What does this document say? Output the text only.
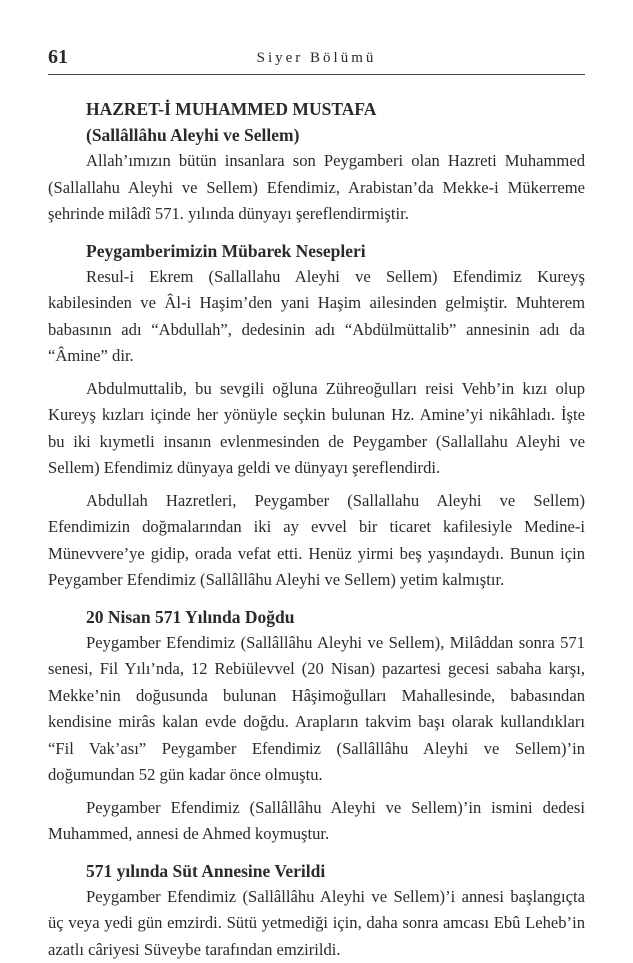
61	Siyer Bölümü
HAZRET-İ MUHAMMED MUSTAFA
(Sallâllâhu Aleyhi ve Sellem)

Allah’ımızın bütün insanlara son Peygamberi olan Hazreti Muhammed (Sallallahu Aleyhi ve Sellem) Efendimiz, Arabistan’da Mekke-i Mükerreme şehrinde milâdî 571. yılında dünyayı şereflendirmiştir.

Peygamberimizin Mübarek Nesepleri

Resul-i Ekrem (Sallallahu Aleyhi ve Sellem) Efendimiz Kureyş kabilesinden ve Âl-i Haşim’den yani Haşim ailesinden gelmiştir. Muhterem babasının adı “Abdullah”, dedesinin adı “Abdülmüttalib” annesinin adı da “Âmine” dir.

Abdulmuttalib, bu sevgili oğluna Zühreoğulları reisi Vehb’in kızı olup Kureyş kızları içinde her yönüyle seçkin bulunan Hz. Amine’yi nikâhladı. İşte bu iki kıymetli insanın evlenmesinden de Peygamber (Sallallahu Aleyhi ve Sellem) Efendimiz dünyaya geldi ve dünyayı şereflendirdi.

Abdullah Hazretleri, Peygamber (Sallallahu Aleyhi ve Sellem) Efendimizin doğmalarından iki ay evvel bir ticaret kafilesiyle Medine-i Münevvere’ye gidip, orada vefat etti. Henüz yirmi beş yaşındaydı. Bunun için Peygamber Efendimiz (Sallâllâhu Aleyhi ve Sellem) yetim kalmıştır.

20 Nisan 571 Yılında Doğdu

Peygamber Efendimiz (Sallâllâhu Aleyhi ve Sellem), Milâddan sonra 571 senesi, Fil Yılı’nda, 12 Rebiülevvel (20 Nisan) pazartesi gecesi sabaha karşı, Mekke’nin doğusunda bulunan Hâşimoğulları Mahallesinde, babasından kendisine mirâs kalan evde doğdu. Arapların takvim başı olarak kullandıkları “Fil Vak’ası” Peygamber Efendimiz (Sallâllâhu Aleyhi ve Sellem)’in doğumundan 52 gün kadar önce olmuştu.

Peygamber Efendimiz (Sallâllâhu Aleyhi ve Sellem)’in ismini dedesi Muhammed, annesi de Ahmed koymuştur.

571 yılında Süt Annesine Verildi

Peygamber Efendimiz (Sallâllâhu Aleyhi ve Sellem)’i annesi başlangıçta üç veya yedi gün emzirdi. Sütü yetmediği için, daha sonra amcası Ebû Leheb’in azatlı câriyesi Süveybe tarafından emzirildi.
